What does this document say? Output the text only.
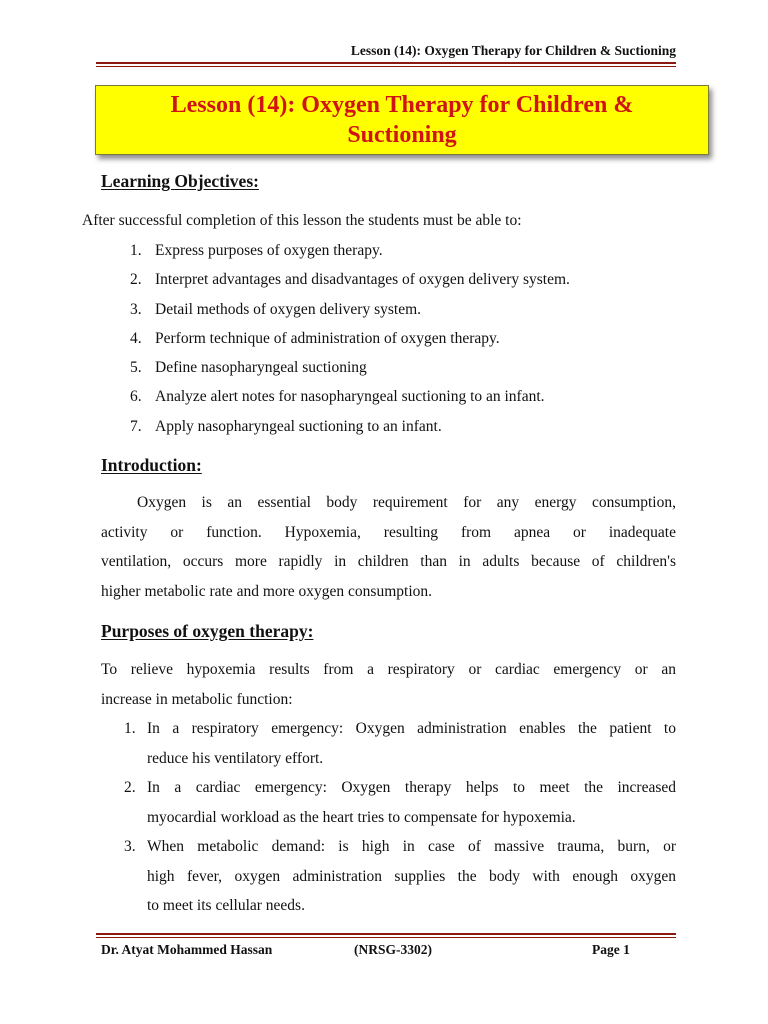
Lesson (14): Oxygen Therapy for Children & Suctioning
Lesson (14): Oxygen Therapy for Children &
Suctioning
Learning Objectives:
After successful completion of this lesson the students must be able to:
1. Express purposes of oxygen therapy.
2. Interpret advantages and disadvantages of oxygen delivery system.
3. Detail methods of oxygen delivery system.
4. Perform technique of administration of oxygen therapy.
5. Define nasopharyngeal suctioning
6. Analyze alert notes for nasopharyngeal suctioning to an infant.
7. Apply nasopharyngeal suctioning to an infant.
Introduction:
Oxygen is an essential body requirement for any energy consumption,
activity or function. Hypoxemia, resulting from apnea or inadequate
ventilation, occurs more rapidly in children than in adults because of children's
higher metabolic rate and more oxygen consumption.
Purposes of oxygen therapy:
To relieve hypoxemia results from a respiratory or cardiac emergency or an
increase in metabolic function:
1. In a respiratory emergency: Oxygen administration enables the patient to
reduce his ventilatory effort.
2. In a cardiac emergency: Oxygen therapy helps to meet the increased
myocardial workload as the heart tries to compensate for hypoxemia.
3. When metabolic demand: is high in case of massive trauma, burn, or
high fever, oxygen administration supplies the body with enough oxygen
to meet its cellular needs.
Dr. Atyat Mohammed Hassan	(NRSG-3302)	Page 1
